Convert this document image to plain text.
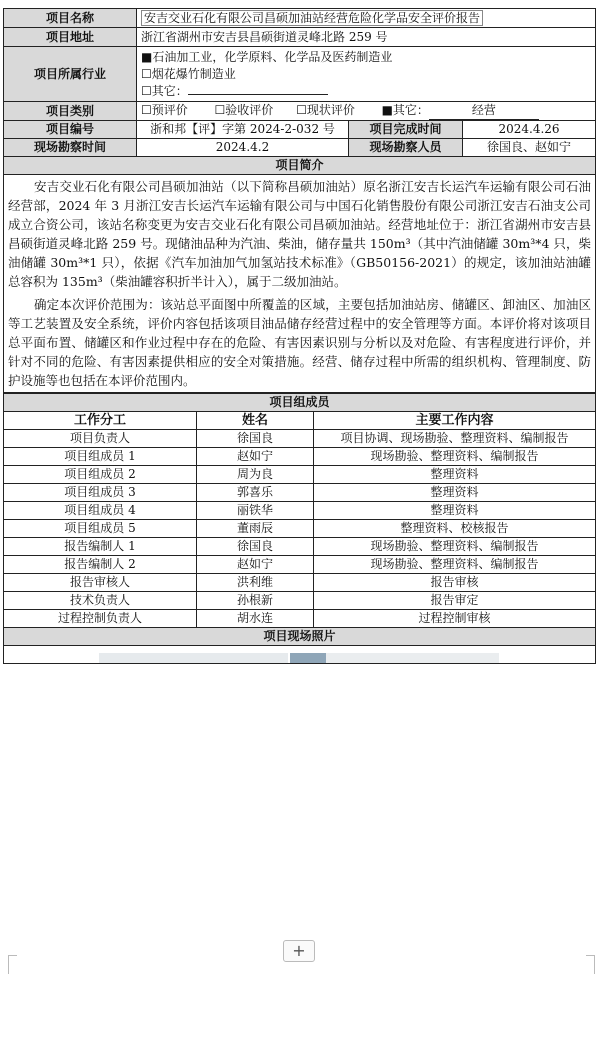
项目名称	安吉交业石化有限公司昌硕加油站经营危险化学品安全评价报告		
项目地址	浙江省湖州市安吉县昌硕街道灵峰北路 259 号		
项目所属行业	■石油加工业，化学原料、化学品及医药制造业
☐烟花爆竹制造业
☐其它：		

项目类别	☐预评价 ☐验收评价 ☐现状评价 ■其它： 经营		
项目编号	浙和邦【评】字第 2024-2-032 号	项目完成时间	2024.4.26
现场勘察时间	2024.4.2	现场勘察人员	徐国良、赵如宁
项目简介			

安吉交业石化有限公司昌硕加油站（以下简称昌硕加油站）原名浙江安吉长运汽车运输有限公司石油经营部，2024 年 3 月浙江安吉长运汽车运输有限公司与中国石化销售股份有限公司浙江安吉石油支公司成立合资公司，该站名称变更为安吉交业石化有限公司昌硕加油站。经营地址位于：浙江省湖州市安吉县昌硕街道灵峰北路 259 号。现储油品种为汽油、柴油，储存量共 150m³（其中汽油储罐 30m³*4 只，柴油储罐 30m³*1 只），依据《汽车加油加气加氢站技术标准》（GB50156-2021）的规定，该加油站油罐总容积为 135m³（柴油罐容积折半计入），属于二级加油站。

确定本次评价范围为：该站总平面图中所覆盖的区域，主要包括加油站房、储罐区、卸油区、加油区等工艺装置及安全系统，评价内容包括该项目油品储存经营过程中的安全管理等方面。本评价将对该项目总平面布置、储罐区和作业过程中存在的危险、有害因素识别与分析以及对危险、有害程度进行评价，并针对不同的危险、有害因素提供相应的安全对策措施。经营、储存过程中所需的组织机构、管理制度、防护设施等也包括在本评价范围内。			

项目组成员		
工作分工	姓名	主要工作内容
项目负责人	徐国良	项目协调、现场勘验、整理资料、编制报告
项目组成员 1	赵如宁	现场勘验、整理资料、编制报告
项目组成员 2	周为良	整理资料
项目组成员 3	郭喜乐	整理资料
项目组成员 4	丽铁华	整理资料
项目组成员 5	董雨辰	整理资料、校核报告
报告编制人 1	徐国良	现场勘验、整理资料、编制报告
报告编制人 2	赵如宁	现场勘验、整理资料、编制报告
报告审核人	洪利维	报告审核
技术负责人	孙根新	报告审定
过程控制负责人	胡水连	过程控制审核
项目现场照片		

+
